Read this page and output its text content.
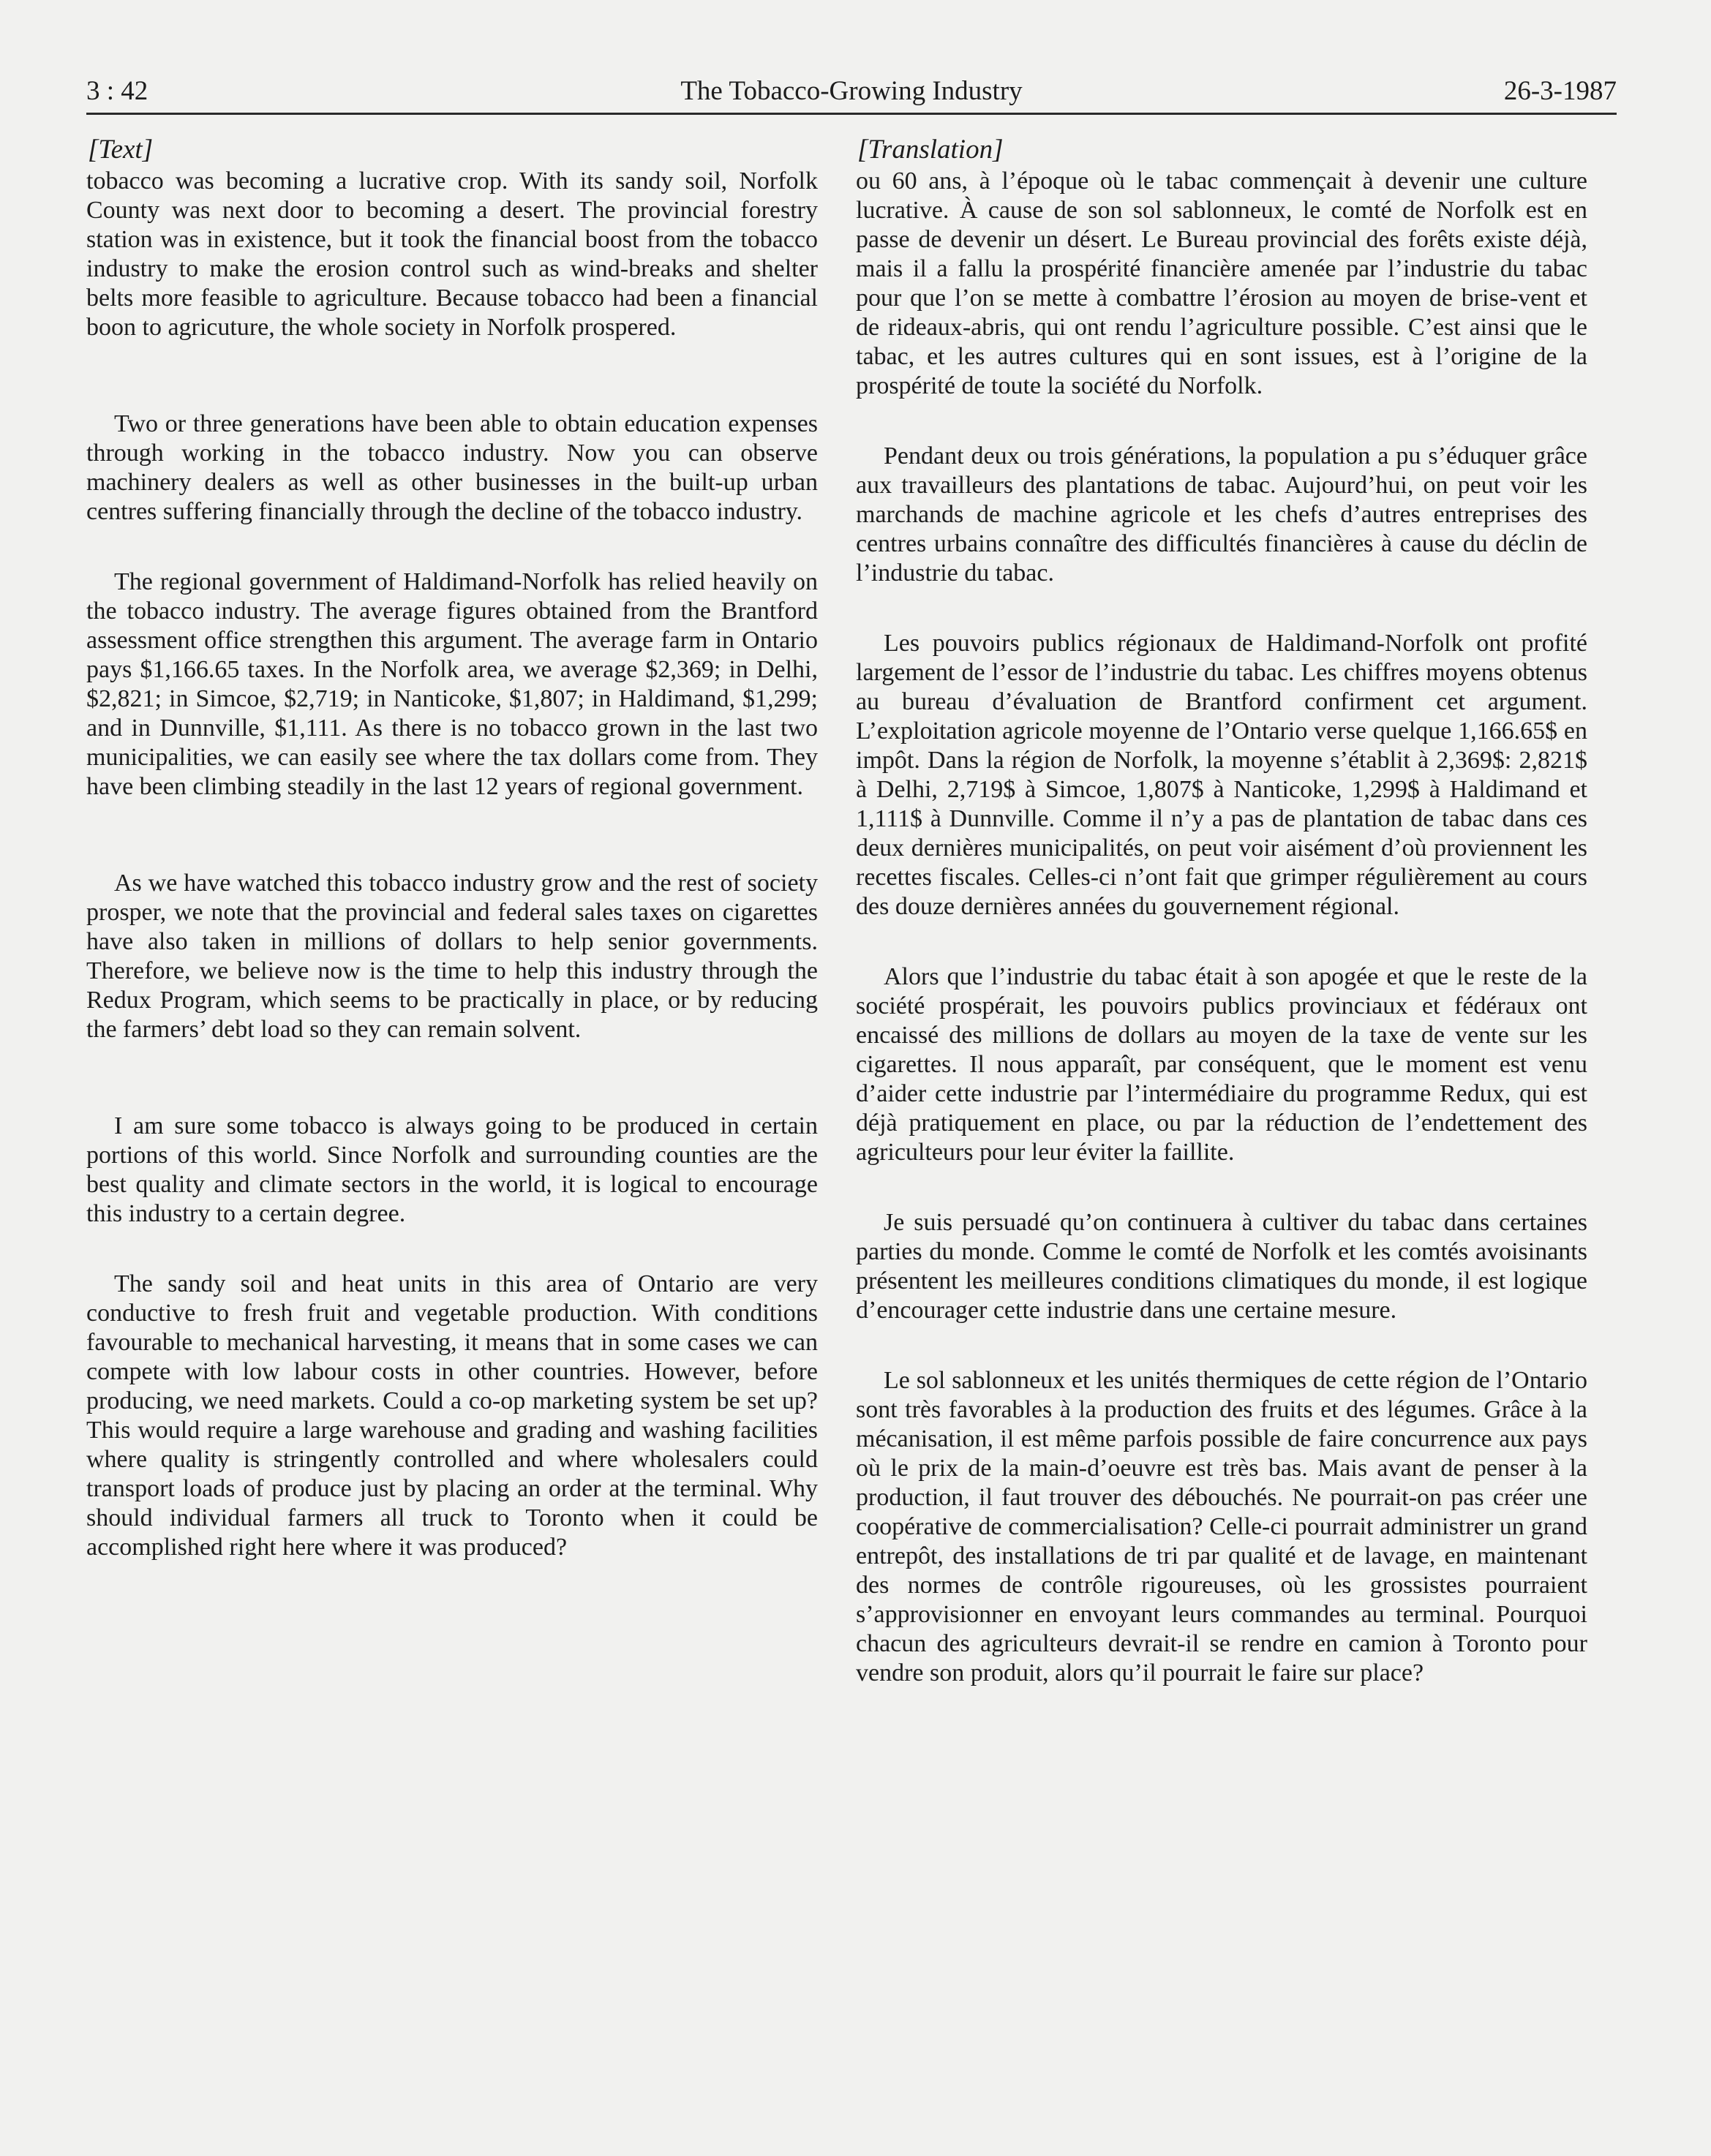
3 : 42	The Tobacco-Growing Industry	26-3-1987
[Text]

tobacco was becoming a lucrative crop. With its sandy soil, Norfolk County was next door to becoming a desert. The provincial forestry station was in existence, but it took the financial boost from the tobacco industry to make the erosion control such as wind-breaks and shelter belts more feasible to agriculture. Because tobacco had been a financial boon to agricuture, the whole society in Norfolk prospered.

Two or three generations have been able to obtain education expenses through working in the tobacco industry. Now you can observe machinery dealers as well as other businesses in the built-up urban centres suffering financially through the decline of the tobacco industry.

The regional government of Haldimand-Norfolk has relied heavily on the tobacco industry. The average figures obtained from the Brantford assessment office strengthen this argument. The average farm in Ontario pays $1,166.65 taxes. In the Norfolk area, we average $2,369; in Delhi, $2,821; in Simcoe, $2,719; in Nanticoke, $1,807; in Haldimand, $1,299; and in Dunnville, $1,111. As there is no tobacco grown in the last two municipalities, we can easily see where the tax dollars come from. They have been climbing steadily in the last 12 years of regional government.

As we have watched this tobacco industry grow and the rest of society prosper, we note that the provincial and federal sales taxes on cigarettes have also taken in millions of dollars to help senior governments. Therefore, we believe now is the time to help this industry through the Redux Program, which seems to be practically in place, or by reducing the farmers’ debt load so they can remain solvent.

I am sure some tobacco is always going to be produced in certain portions of this world. Since Norfolk and surrounding counties are the best quality and climate sectors in the world, it is logical to encourage this industry to a certain degree.

The sandy soil and heat units in this area of Ontario are very conductive to fresh fruit and vegetable production. With conditions favourable to mechanical harvesting, it means that in some cases we can compete with low labour costs in other countries. However, before producing, we need markets. Could a co-op marketing system be set up? This would require a large warehouse and grading and washing facilities where quality is stringently controlled and where wholesalers could transport loads of produce just by placing an order at the terminal. Why should individual farmers all truck to Toronto when it could be accomplished right here where it was produced?

[Translation]

ou 60 ans, à l’époque où le tabac commençait à devenir une culture lucrative. À cause de son sol sablonneux, le comté de Norfolk est en passe de devenir un désert. Le Bureau provincial des forêts existe déjà, mais il a fallu la prospérité financière amenée par l’industrie du tabac pour que l’on se mette à combattre l’érosion au moyen de brise-vent et de rideaux-abris, qui ont rendu l’agriculture possible. C’est ainsi que le tabac, et les autres cultures qui en sont issues, est à l’origine de la prospérité de toute la société du Norfolk.

Pendant deux ou trois générations, la population a pu s’éduquer grâce aux travailleurs des plantations de tabac. Aujourd’hui, on peut voir les marchands de machine agricole et les chefs d’autres entreprises des centres urbains connaître des difficultés financières à cause du déclin de l’industrie du tabac.

Les pouvoirs publics régionaux de Haldimand-Norfolk ont profité largement de l’essor de l’industrie du tabac. Les chiffres moyens obtenus au bureau d’évaluation de Brantford confirment cet argument. L’exploitation agricole moyenne de l’Ontario verse quelque 1,166.65$ en impôt. Dans la région de Norfolk, la moyenne s’établit à 2,369$: 2,821$ à Delhi, 2,719$ à Simcoe, 1,807$ à Nanticoke, 1,299$ à Haldimand et 1,111$ à Dunnville. Comme il n’y a pas de plantation de tabac dans ces deux dernières municipalités, on peut voir aisément d’où proviennent les recettes fiscales. Celles-ci n’ont fait que grimper régulièrement au cours des douze dernières années du gouvernement régional.

Alors que l’industrie du tabac était à son apogée et que le reste de la société prospérait, les pouvoirs publics provinciaux et fédéraux ont encaissé des millions de dollars au moyen de la taxe de vente sur les cigarettes. Il nous apparaît, par conséquent, que le moment est venu d’aider cette industrie par l’intermédiaire du programme Redux, qui est déjà pratiquement en place, ou par la réduction de l’endettement des agriculteurs pour leur éviter la faillite.

Je suis persuadé qu’on continuera à cultiver du tabac dans certaines parties du monde. Comme le comté de Norfolk et les comtés avoisinants présentent les meilleures conditions climatiques du monde, il est logique d’encourager cette industrie dans une certaine mesure.

Le sol sablonneux et les unités thermiques de cette région de l’Ontario sont très favorables à la production des fruits et des légumes. Grâce à la mécanisation, il est même parfois possible de faire concurrence aux pays où le prix de la main-d’oeuvre est très bas. Mais avant de penser à la production, il faut trouver des débouchés. Ne pourrait-on pas créer une coopérative de commercialisation? Celle-ci pourrait administrer un grand entrepôt, des installations de tri par qualité et de lavage, en maintenant des normes de contrôle rigoureuses, où les grossistes pourraient s’approvisionner en envoyant leurs commandes au terminal. Pourquoi chacun des agriculteurs devrait-il se rendre en camion à Toronto pour vendre son produit, alors qu’il pourrait le faire sur place?
